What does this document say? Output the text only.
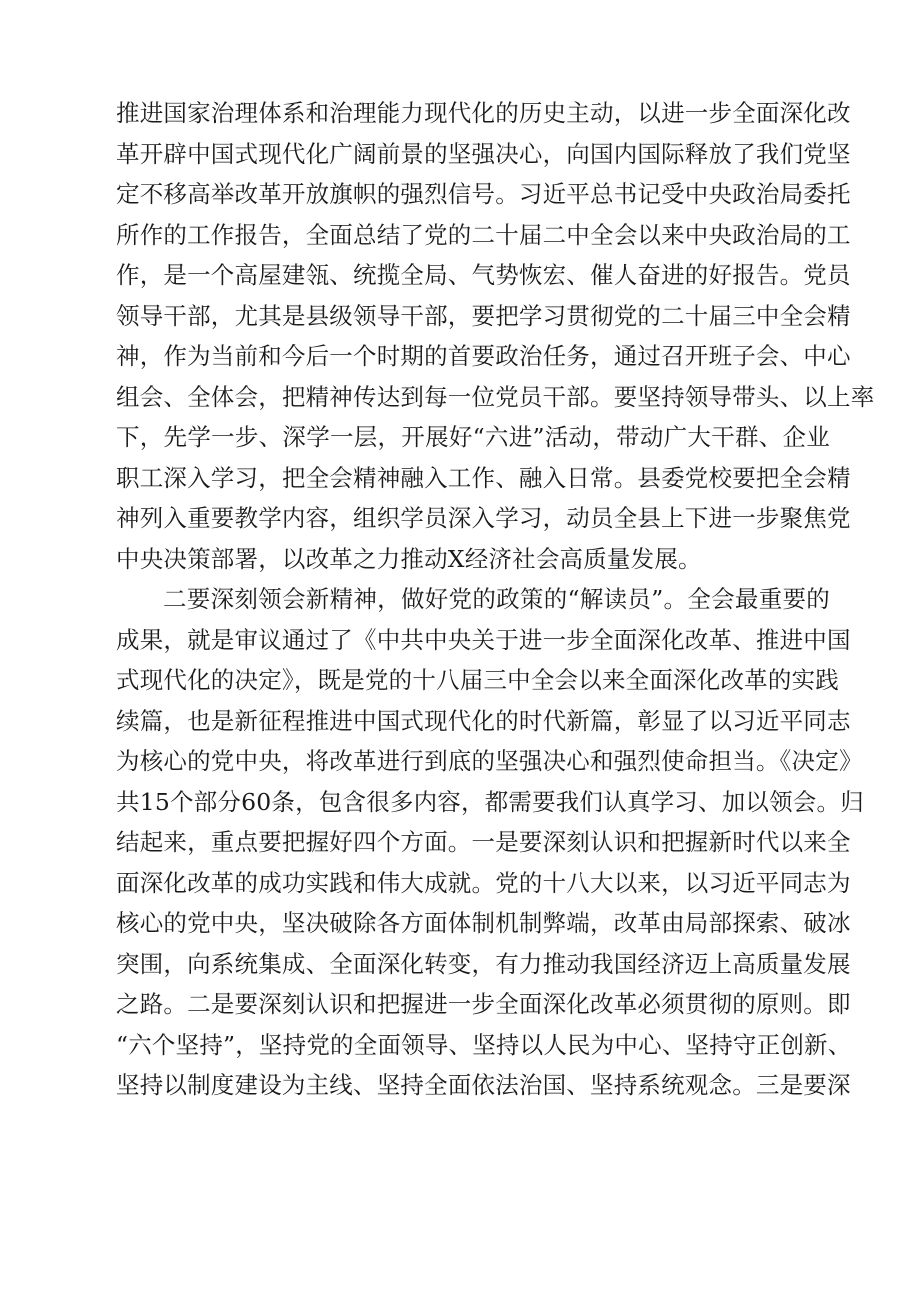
推进国家治理体系和治理能力现代化的历史主动，以进一步全面深化改
革开辟中国式现代化广阔前景的坚强决心，向国内国际释放了我们党坚
定不移高举改革开放旗帜的强烈信号。习近平总书记受中央政治局委托
所作的工作报告，全面总结了党的二十届二中全会以来中央政治局的工
作，是一个高屋建瓴、统揽全局、气势恢宏、催人奋进的好报告。党员
领导干部，尤其是县级领导干部，要把学习贯彻党的二十届三中全会精
神，作为当前和今后一个时期的首要政治任务，通过召开班子会、中心
组会、全体会，把精神传达到每一位党员干部。要坚持领导带头、以上率
下，先学一步、深学一层，开展好“六进”活动，带动广大干群、企业
职工深入学习，把全会精神融入工作、融入日常。县委党校要把全会精
神列入重要教学内容，组织学员深入学习，动员全县上下进一步聚焦党
中央决策部署，以改革之力推动X经济社会高质量发展。
二要深刻领会新精神，做好党的政策的“解读员”。全会最重要的
成果，就是审议通过了《中共中央关于进一步全面深化改革、推进中国
式现代化的决定》，既是党的十八届三中全会以来全面深化改革的实践
续篇，也是新征程推进中国式现代化的时代新篇，彰显了以习近平同志
为核心的党中央，将改革进行到底的坚强决心和强烈使命担当。《决定》
共15个部分60条，包含很多内容，都需要我们认真学习、加以领会。归
结起来，重点要把握好四个方面。一是要深刻认识和把握新时代以来全
面深化改革的成功实践和伟大成就。党的十八大以来，以习近平同志为
核心的党中央，坚决破除各方面体制机制弊端，改革由局部探索、破冰
突围，向系统集成、全面深化转变，有力推动我国经济迈上高质量发展
之路。二是要深刻认识和把握进一步全面深化改革必须贯彻的原则。即
“六个坚持”，坚持党的全面领导、坚持以人民为中心、坚持守正创新、
坚持以制度建设为主线、坚持全面依法治国、坚持系统观念。三是要深
